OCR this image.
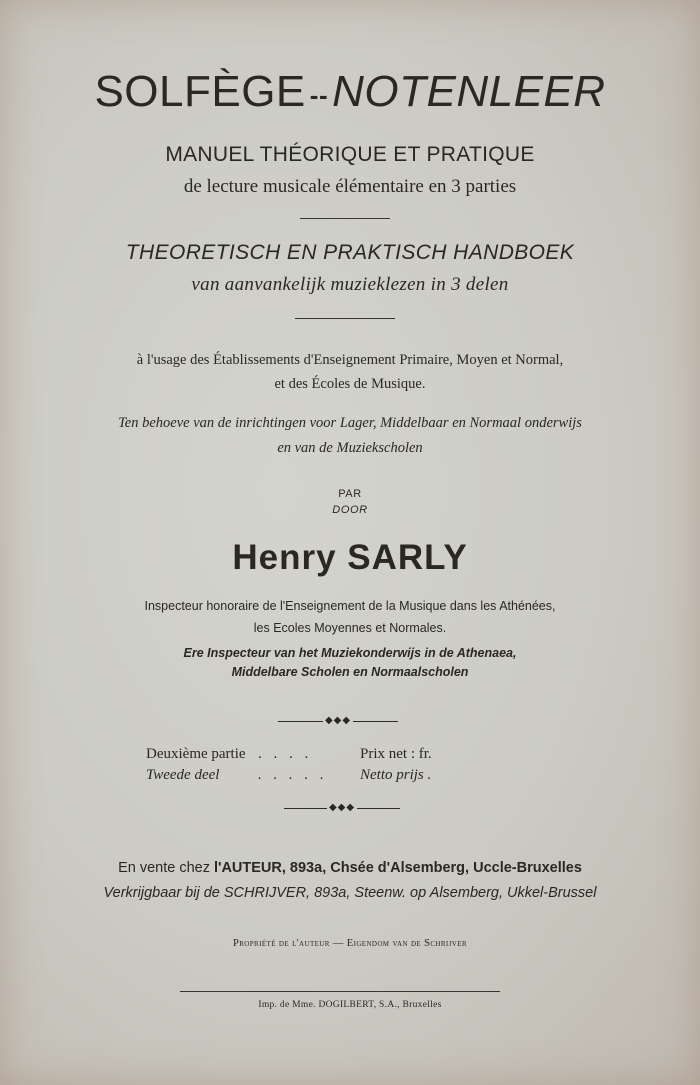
SOLFÈGE --NOTENLEER
MANUEL THÉORIQUE ET PRATIQUE
de lecture musicale élémentaire en 3 parties
THEORETISCH EN PRAKTISCH HANDBOEK
van aanvankelijk muzieklezen in 3 delen
à l'usage des Établissements d'Enseignement Primaire, Moyen et Normal,
et des Écoles de Musique.
Ten behoeve van de inrichtingen voor Lager, Middelbaar en Normaal onderwijs
en van de Muziekscholen
PAR
DOOR
Henry SARLY
Inspecteur honoraire de l'Enseignement de la Musique dans les Athénées,
les Ecoles Moyennes et Normales.
Ere Inspecteur van het Muziekonderwijs in de Athenaea,
Middelbare Scholen en Normaalscholen
◆◆◆
Deuxième partie . . . .	Prix net : fr.
Tweede deel	. . . . .	Netto prijs .
◆◆◆
En vente chez l'AUTEUR, 893a, Chsée d'Alsemberg, Uccle-Bruxelles
Verkrijgbaar bij de SCHRIJVER, 893a, Steenw. op Alsemberg, Ukkel-Brussel
Propriété de l'auteur — Eigendom van de Schrijver
Imp. de Mme. DOGILBERT, S.A., Bruxelles
